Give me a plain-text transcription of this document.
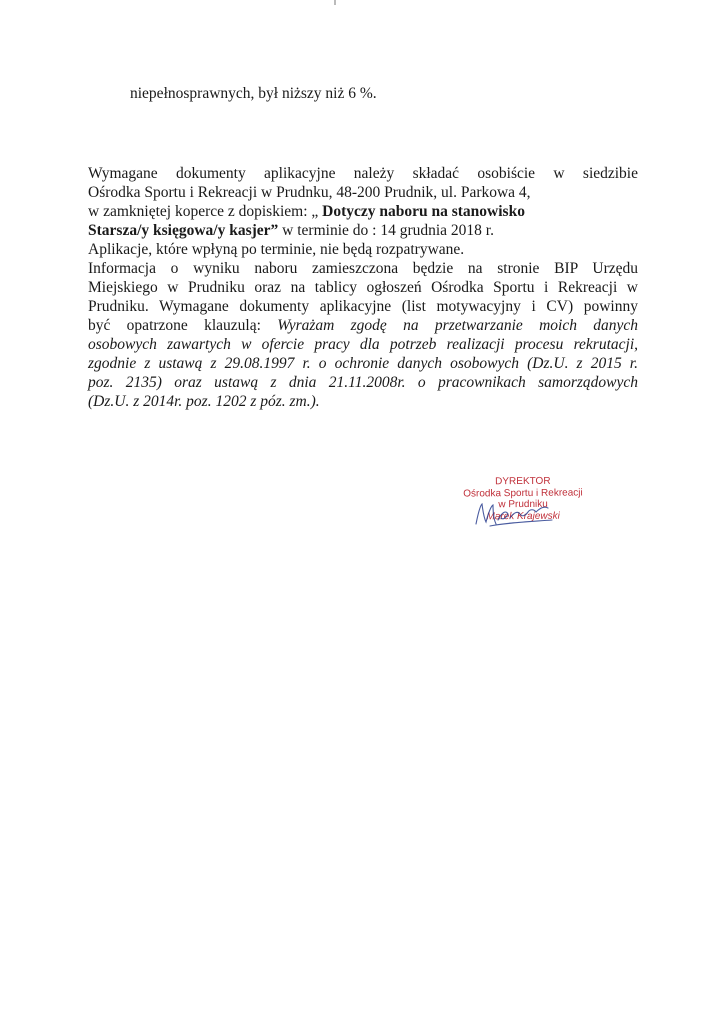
niepełnosprawnych, był niższy niż 6 %.
Wymagane dokumenty aplikacyjne należy składać osobiście w siedzibie
Ośrodka Sportu i Rekreacji w Prudnku, 48-200 Prudnik, ul. Parkowa 4,
w zamkniętej koperce z dopiskiem: „ Dotyczy naboru na stanowisko
Starsza/y księgowa/y kasjer” w terminie do : 14 grudnia 2018 r.
Aplikacje, które wpłyną po terminie, nie będą rozpatrywane.
Informacja o wyniku naboru zamieszczona będzie na stronie BIP Urzędu
Miejskiego w Prudniku oraz na tablicy ogłoszeń Ośrodka Sportu i Rekreacji w
Prudniku. Wymagane dokumenty aplikacyjne (list motywacyjny i CV) powinny
być opatrzone klauzulą: Wyrażam zgodę na przetwarzanie moich danych
osobowych zawartych w ofercie pracy dla potrzeb realizacji procesu rekrutacji,
zgodnie z ustawą z 29.08.1997 r. o ochronie danych osobowych (Dz.U. z 2015 r.
poz. 2135) oraz ustawą z dnia 21.11.2008r. o pracownikach samorządowych
(Dz.U. z 2014r. poz. 1202 z póz. zm.).
DYREKTOR
Ośrodka Sportu i Rekreacji
w Prudniku
Marek Krajewski
